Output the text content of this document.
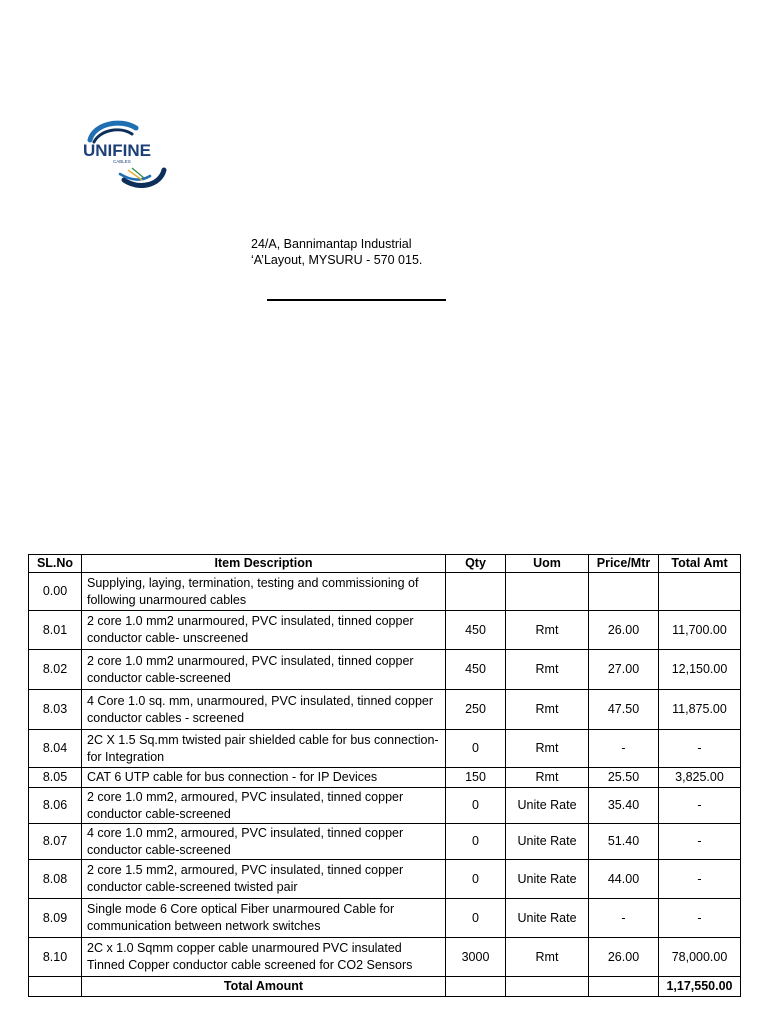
UNIFINE
CABLES
24/A, Bannimantap Industrial
‘A’Layout, MYSURU - 570 015.
SL.No	Item Description	Qty	Uom	Price/Mtr	Total Amt
0.00	Supplying, laying, termination, testing and commissioning of following unarmoured cables				
8.01	2 core 1.0 mm2 unarmoured, PVC insulated, tinned copper conductor cable- unscreened	450	Rmt	26.00	11,700.00
8.02	2 core 1.0 mm2 unarmoured, PVC insulated, tinned copper conductor cable-screened	450	Rmt	27.00	12,150.00
8.03	4 Core 1.0 sq. mm, unarmoured, PVC insulated, tinned copper conductor cables - screened	250	Rmt	47.50	11,875.00
8.04	2C X 1.5 Sq.mm twisted pair shielded cable for bus connection- for Integration	0	Rmt	-	-
8.05	CAT 6 UTP cable for bus connection - for IP Devices	150	Rmt	25.50	3,825.00
8.06	2 core 1.0 mm2, armoured, PVC insulated, tinned copper conductor cable-screened	0	Unite Rate	35.40	-
8.07	4 core 1.0 mm2, armoured, PVC insulated, tinned copper conductor cable-screened	0	Unite Rate	51.40	-
8.08	2 core 1.5 mm2, armoured, PVC insulated, tinned copper conductor cable-screened twisted pair	0	Unite Rate	44.00	-
8.09	Single mode 6 Core optical Fiber unarmoured Cable for communication between network switches	0	Unite Rate	-	-
8.10	2C x 1.0 Sqmm copper cable unarmoured PVC insulated Tinned Copper conductor cable screened for CO2 Sensors	3000	Rmt	26.00	78,000.00
	Total Amount				1,17,550.00
